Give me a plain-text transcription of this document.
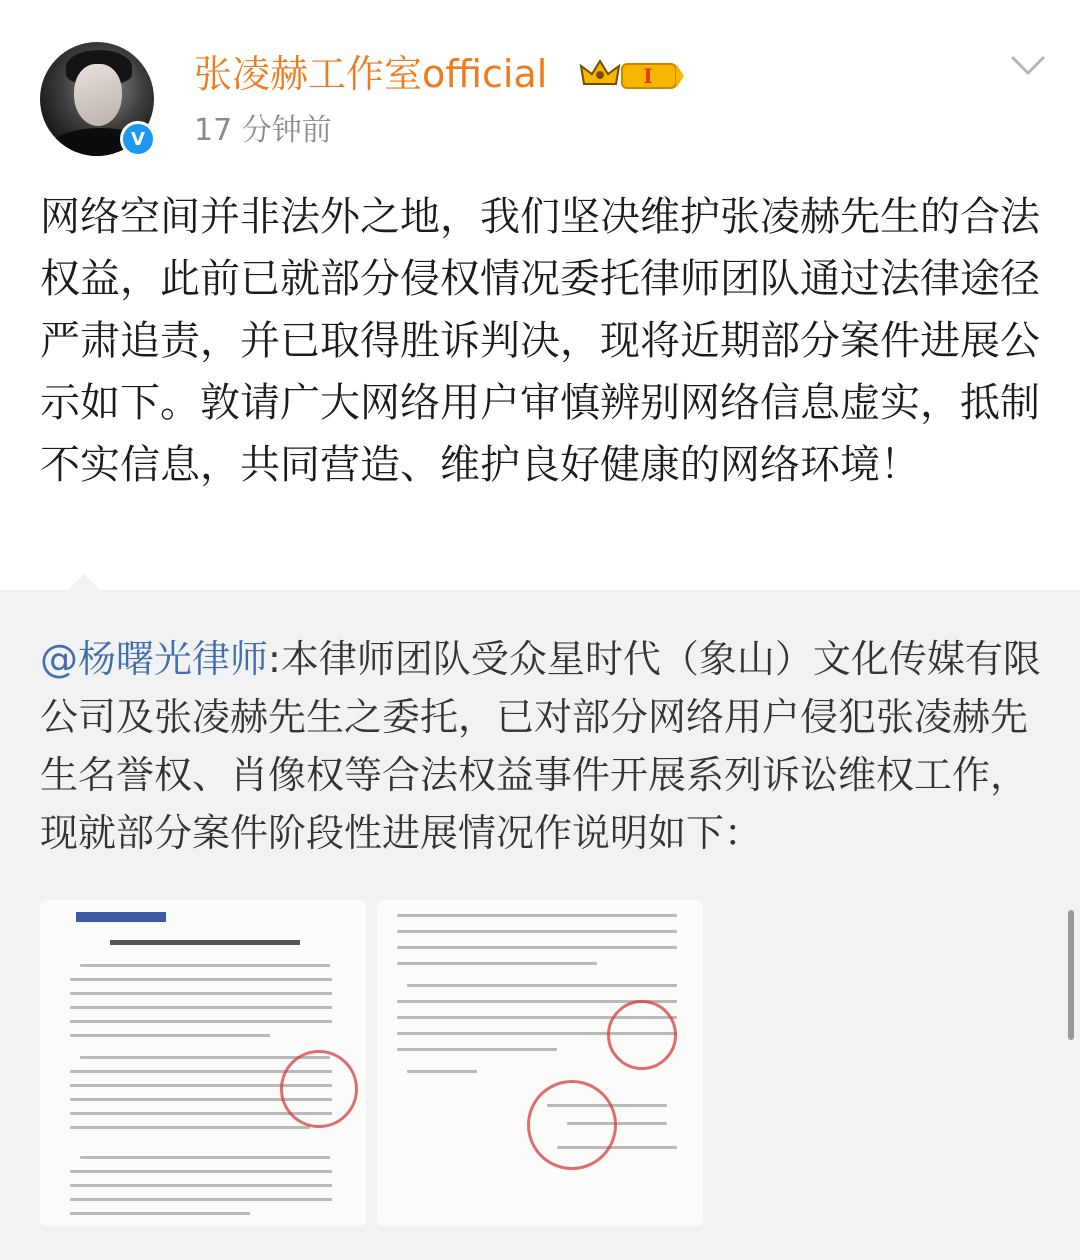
V
张凌赫工作室official	I
17 分钟前
网络空间并非法外之地，我们坚决维护张凌赫先生的合法权益，此前已就部分侵权情况委托律师团队通过法律途径严肃追责，并已取得胜诉判决，现将近期部分案件进展公示如下。敦请广大网络用户审慎辨别网络信息虚实，抵制不实信息，共同营造、维护良好健康的网络环境！
@杨曙光律师:本律师团队受众星时代（象山）文化传媒有限公司及张凌赫先生之委托，已对部分网络用户侵犯张凌赫先生名誉权、肖像权等合法权益事件开展系列诉讼维权工作，现就部分案件阶段性进展情况作说明如下：
